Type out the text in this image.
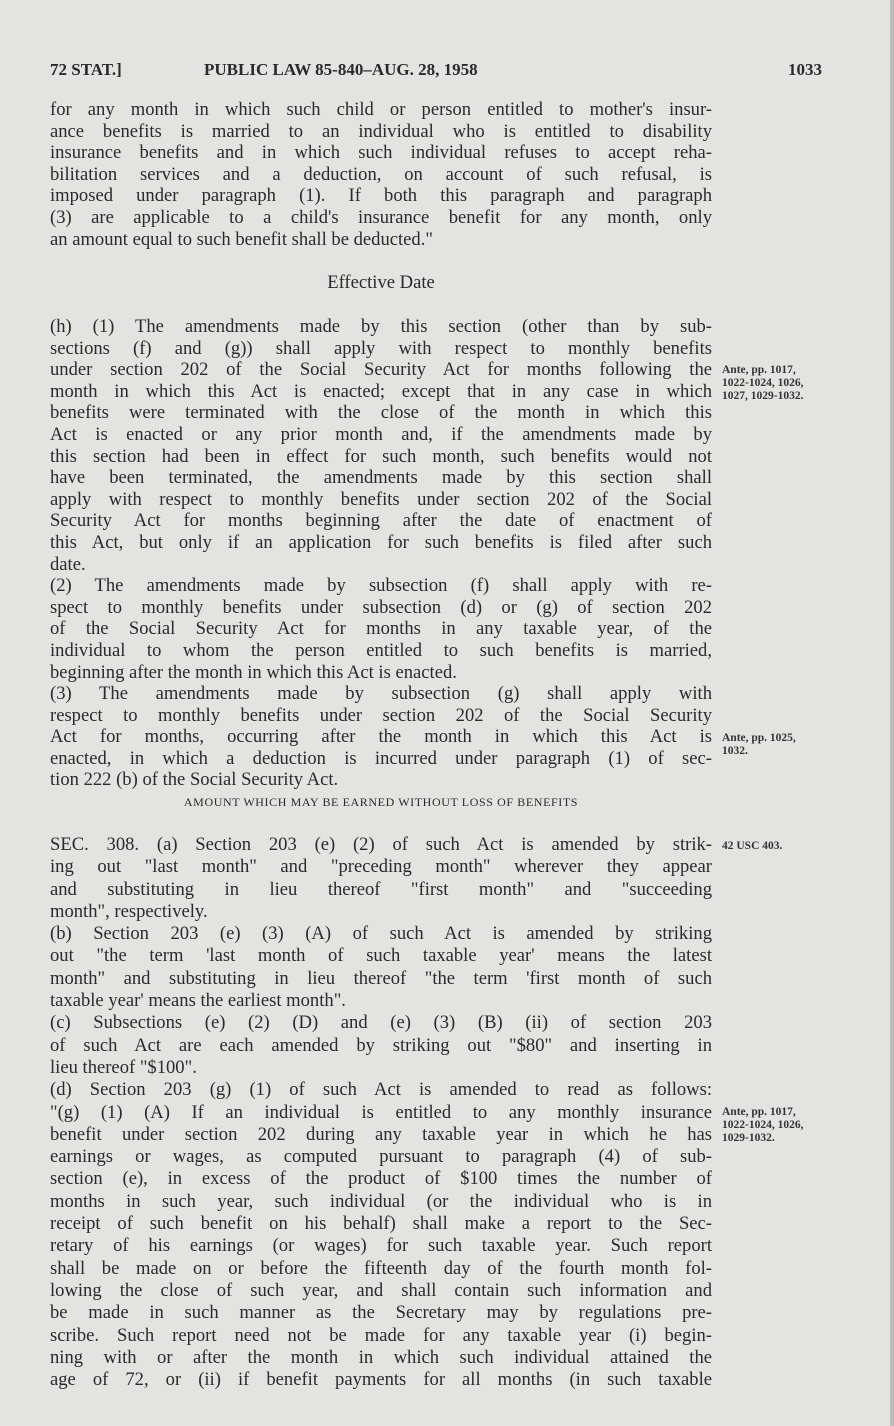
72 STAT.]	PUBLIC LAW 85-840–AUG. 28, 1958	1033
for any month in which such child or person entitled to mother's insur-
ance benefits is married to an individual who is entitled to disability
insurance benefits and in which such individual refuses to accept reha-
bilitation services and a deduction, on account of such refusal, is
imposed under paragraph (1). If both this paragraph and paragraph
(3) are applicable to a child's insurance benefit for any month, only
an amount equal to such benefit shall be deducted."
Effective Date
(h) (1) The amendments made by this section (other than by sub-
sections (f) and (g)) shall apply with respect to monthly benefits
under section 202 of the Social Security Act for months following the
month in which this Act is enacted; except that in any case in which
benefits were terminated with the close of the month in which this
Act is enacted or any prior month and, if the amendments made by
this section had been in effect for such month, such benefits would not
have been terminated, the amendments made by this section shall
apply with respect to monthly benefits under section 202 of the Social
Security Act for months beginning after the date of enactment of
this Act, but only if an application for such benefits is filed after such
date.
(2) The amendments made by subsection (f) shall apply with re-
spect to monthly benefits under subsection (d) or (g) of section 202
of the Social Security Act for months in any taxable year, of the
individual to whom the person entitled to such benefits is married,
beginning after the month in which this Act is enacted.
(3) The amendments made by subsection (g) shall apply with
respect to monthly benefits under section 202 of the Social Security
Act for months, occurring after the month in which this Act is
enacted, in which a deduction is incurred under paragraph (1) of sec-
tion 222 (b) of the Social Security Act.
AMOUNT WHICH MAY BE EARNED WITHOUT LOSS OF BENEFITS
SEC. 308. (a) Section 203 (e) (2) of such Act is amended by strik-
ing out "last month" and "preceding month" wherever they appear
and substituting in lieu thereof "first month" and "succeeding
month", respectively.
(b) Section 203 (e) (3) (A) of such Act is amended by striking
out "the term 'last month of such taxable year' means the latest
month" and substituting in lieu thereof "the term 'first month of such
taxable year' means the earliest month".
(c) Subsections (e) (2) (D) and (e) (3) (B) (ii) of section 203
of such Act are each amended by striking out "$80" and inserting in
lieu thereof "$100".
(d) Section 203 (g) (1) of such Act is amended to read as follows:
"(g) (1) (A) If an individual is entitled to any monthly insurance
benefit under section 202 during any taxable year in which he has
earnings or wages, as computed pursuant to paragraph (4) of sub-
section (e), in excess of the product of $100 times the number of
months in such year, such individual (or the individual who is in
receipt of such benefit on his behalf) shall make a report to the Sec-
retary of his earnings (or wages) for such taxable year. Such report
shall be made on or before the fifteenth day of the fourth month fol-
lowing the close of such year, and shall contain such information and
be made in such manner as the Secretary may by regulations pre-
scribe. Such report need not be made for any taxable year (i) begin-
ning with or after the month in which such individual attained the
age of 72, or (ii) if benefit payments for all months (in such taxable
Ante, pp. 1017,
1022-1024, 1026,
1027, 1029-1032.
Ante, pp. 1025,
1032.
42 USC 403.
Ante, pp. 1017,
1022-1024, 1026,
1029-1032.
